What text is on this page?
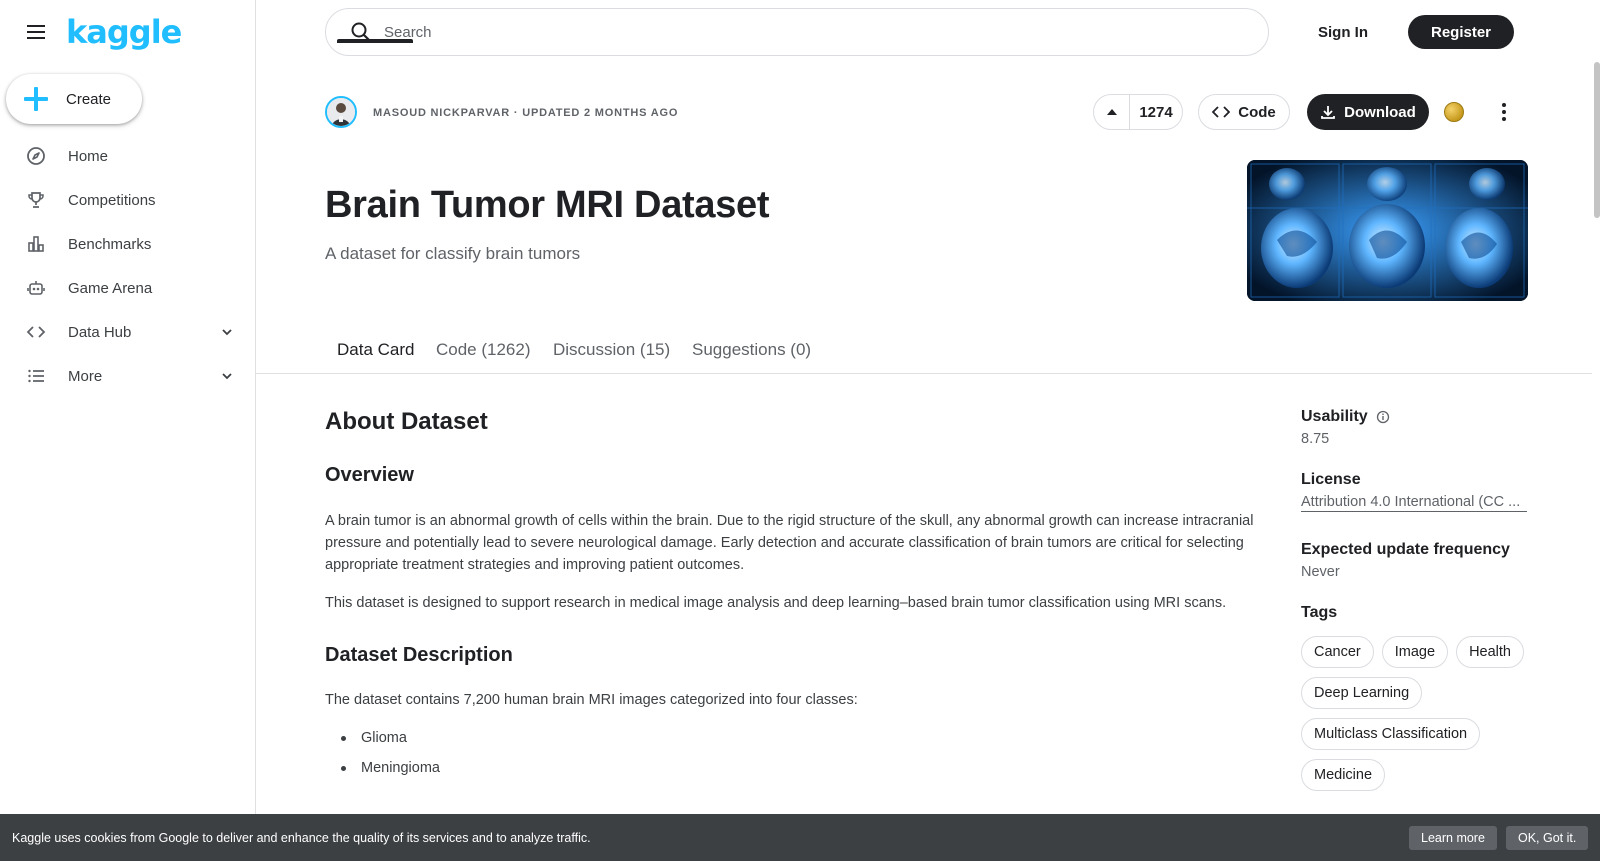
kaggle
Create
Home
Competitions
Benchmarks
Game Arena
Data Hub
More
Search
Sign In	Register
MASOUD NICKPARVAR · UPDATED 2 MONTHS AGO	1274	Code	Download
Brain Tumor MRI Dataset
A dataset for classify brain tumors
Data Card Code (1262) Discussion (15) Suggestions (0)
About Dataset
Overview

A brain tumor is an abnormal growth of cells within the brain. Due to the rigid structure of the skull, any abnormal growth can increase intracranial pressure and potentially lead to severe neurological damage. Early detection and accurate classification of brain tumors are critical for selecting appropriate treatment strategies and improving patient outcomes.

This dataset is designed to support research in medical image analysis and deep learning–based brain tumor classification using MRI scans.

Dataset Description

The dataset contains 7,200 human brain MRI images categorized into four classes:

Glioma
Meningioma
Usability
8.75
License
Attribution 4.0 International (CC ...
Expected update frequency
Never
Tags
Cancer	Image	Health
Deep Learning
Multiclass Classification
Medicine
Kaggle uses cookies from Google to deliver and enhance the quality of its services and to analyze traffic.	Learn more	OK, Got it.
